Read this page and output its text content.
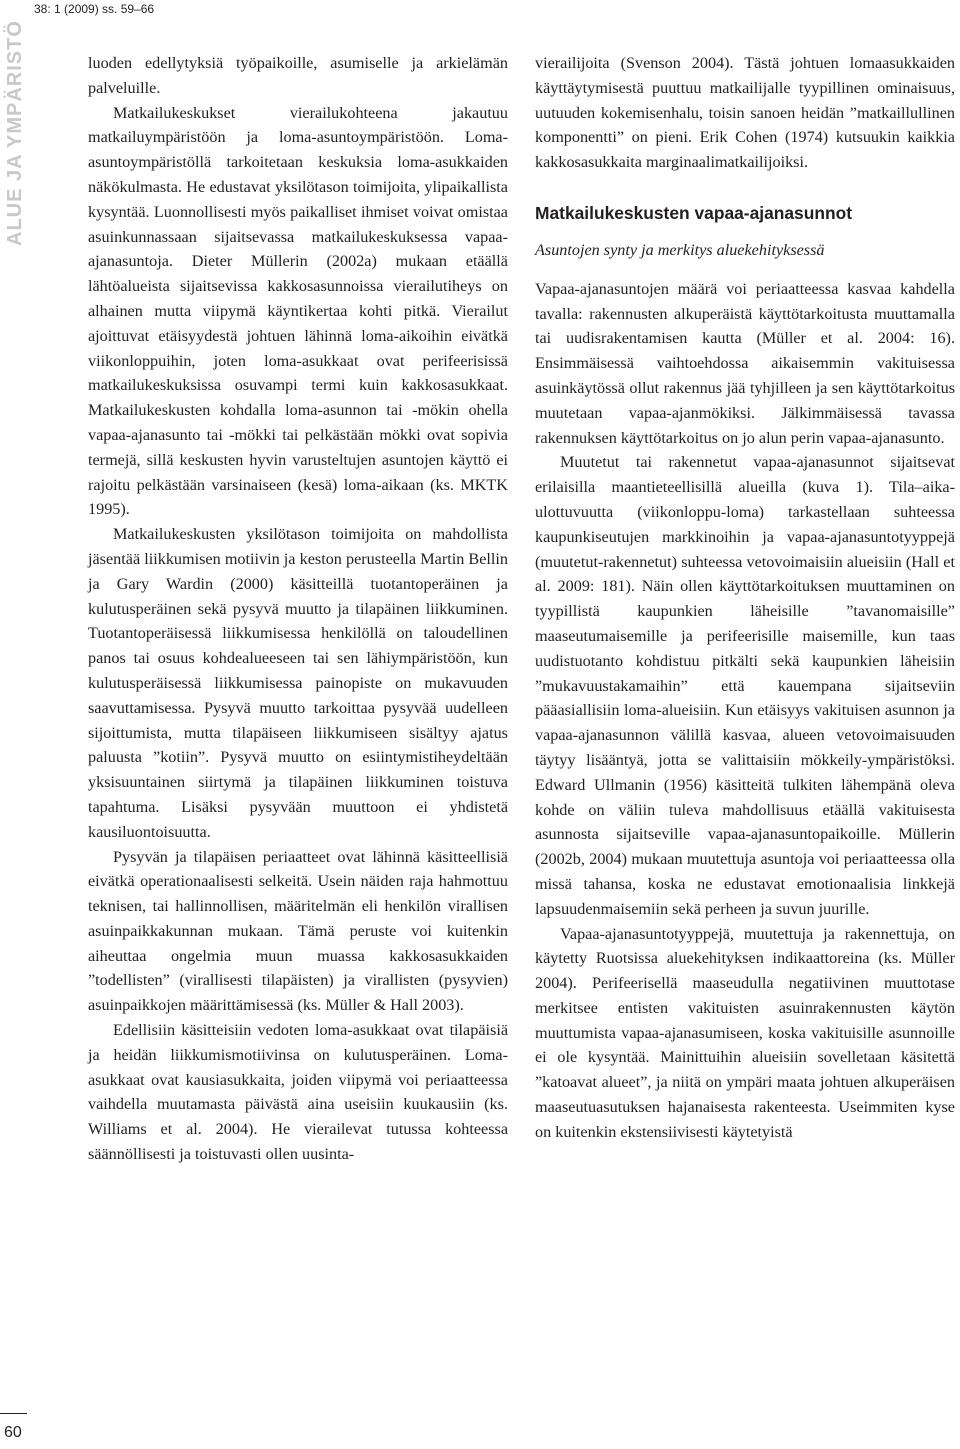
ALUE JA YMPÄRISTÖ
60
38: 1 (2009) ss. 59–66

luoden edellytyksiä työpaikoille, asumiselle ja arkielämän palveluille.

Matkailukeskukset vierailukohteena jakautuu matkailuympäristöön ja loma-asuntoympäristöön. Loma-asuntoympäristöllä tarkoitetaan keskuksia loma-asukkaiden näkökulmasta. He edustavat yksilötason toimijoita, ylipaikallista kysyntää. Luonnollisesti myös paikalliset ihmiset voivat omistaa asuinkunnassaan sijaitsevassa matkailukeskuksessa vapaa-ajanasuntoja. Dieter Müllerin (2002a) mukaan etäällä lähtöalueista sijaitsevissa kakkosasunnoissa vierailutiheys on alhainen mutta viipymä käyntikertaa kohti pitkä. Vierailut ajoittuvat etäisyydestä johtuen lähinnä loma-aikoihin eivätkä viikonloppuihin, joten loma-asukkaat ovat perifeerisissä matkailukeskuksissa osuvampi termi kuin kakkosasukkaat. Matkailukeskusten kohdalla loma-asunnon tai -mökin ohella vapaa-ajanasunto tai -mökki tai pelkästään mökki ovat sopivia termejä, sillä keskusten hyvin varusteltujen asuntojen käyttö ei rajoitu pelkästään varsinaiseen (kesä) loma-aikaan (ks. MKTK 1995).

Matkailukeskusten yksilötason toimijoita on mahdollista jäsentää liikkumisen motiivin ja keston perusteella Martin Bellin ja Gary Wardin (2000) käsitteillä tuotantoperäinen ja kulutusperäinen sekä pysyvä muutto ja tilapäinen liikkuminen. Tuotantoperäisessä liikkumisessa henkilöllä on taloudellinen panos tai osuus kohdealueeseen tai sen lähiympäristöön, kun kulutusperäisessä liikkumisessa painopiste on mukavuuden saavuttamisessa. Pysyvä muutto tarkoittaa pysyvää uudelleen sijoittumista, mutta tilapäiseen liikkumiseen sisältyy ajatus paluusta ”kotiin”. Pysyvä muutto on esiintymistiheydeltään yksisuuntainen siirtymä ja tilapäinen liikkuminen toistuva tapahtuma. Lisäksi pysyvään muuttoon ei yhdistetä kausiluontoisuutta.

Pysyvän ja tilapäisen periaatteet ovat lähinnä käsitteellisiä eivätkä operationaalisesti selkeitä. Usein näiden raja hahmottuu teknisen, tai hallinnollisen, määritelmän eli henkilön virallisen asuinpaikkakunnan mukaan. Tämä peruste voi kuitenkin aiheuttaa ongelmia muun muassa kakkosasukkaiden ”todellisten” (virallisesti tilapäisten) ja virallisten (pysyvien) asuinpaikkojen määrittämisessä (ks. Müller & Hall 2003).

Edellisiin käsitteisiin vedoten loma-asukkaat ovat tilapäisiä ja heidän liikkumismotiivinsa on kulutusperäinen. Loma-asukkaat ovat kausiasukkaita, joiden viipymä voi periaatteessa vaihdella muutamasta päivästä aina useisiin kuukausiin (ks. Williams et al. 2004). He vierailevat tutussa kohteessa säännöllisesti ja toistuvasti ollen uusinta-

vierailijoita (Svenson 2004). Tästä johtuen lomaasukkaiden käyttäytymisestä puuttuu matkailijalle tyypillinen ominaisuus, uutuuden kokemisenhalu, toisin sanoen heidän ”matkaillullinen komponentti” on pieni. Erik Cohen (1974) kutsuukin kaikkia kakkosasukkaita marginaalimatkailijoiksi.

Matkailukeskusten vapaa-ajanasunnot
Asuntojen synty ja merkitys aluekehityksessä

Vapaa-ajanasuntojen määrä voi periaatteessa kasvaa kahdella tavalla: rakennusten alkuperäistä käyttötarkoitusta muuttamalla tai uudisrakentamisen kautta (Müller et al. 2004: 16). Ensimmäisessä vaihtoehdossa aikaisemmin vakituisessa asuinkäytössä ollut rakennus jää tyhjilleen ja sen käyttötarkoitus muutetaan vapaa-ajanmökiksi. Jälkimmäisessä tavassa rakennuksen käyttötarkoitus on jo alun perin vapaa-ajanasunto.

Muutetut tai rakennetut vapaa-ajanasunnot sijaitsevat erilaisilla maantieteellisillä alueilla (kuva 1). Tila–aika-ulottuvuutta (viikonloppu-loma) tarkastellaan suhteessa kaupunkiseutujen markkinoihin ja vapaa-ajanasuntotyyppejä (muutetut-rakennetut) suhteessa vetovoimaisiin alueisiin (Hall et al. 2009: 181). Näin ollen käyttötarkoituksen muuttaminen on tyypillistä kaupunkien läheisille ”tavanomaisille” maaseutumaisemille ja perifeerisille maisemille, kun taas uudistuotanto kohdistuu pitkälti sekä kaupunkien läheisiin ”mukavuustakamaihin” että kauempana sijaitseviin pääasiallisiin loma-alueisiin. Kun etäisyys vakituisen asunnon ja vapaa-ajanasunnon välillä kasvaa, alueen vetovoimaisuuden täytyy lisääntyä, jotta se valittaisiin mökkeily-ympäristöksi. Edward Ullmanin (1956) käsitteitä tulkiten lähempänä oleva kohde on väliin tuleva mahdollisuus etäällä vakituisesta asunnosta sijaitseville vapaa-ajanasuntopaikoille. Müllerin (2002b, 2004) mukaan muutettuja asuntoja voi periaatteessa olla missä tahansa, koska ne edustavat emotionaalisia linkkejä lapsuudenmaisemiin sekä perheen ja suvun juurille.

Vapaa-ajanasuntotyyppejä, muutettuja ja rakennettuja, on käytetty Ruotsissa aluekehityksen indikaattoreina (ks. Müller 2004). Perifeerisellä maaseudulla negatiivinen muuttotase merkitsee entisten vakituisten asuinrakennusten käytön muuttumista vapaa-ajanasumiseen, koska vakituisille asunnoille ei ole kysyntää. Mainittuihin alueisiin sovelletaan käsitettä ”katoavat alueet”, ja niitä on ympäri maata johtuen alkuperäisen maaseutuasutuksen hajanaisesta rakenteesta. Useimmiten kyse on kuitenkin ekstensiivisesti käytetyistä
